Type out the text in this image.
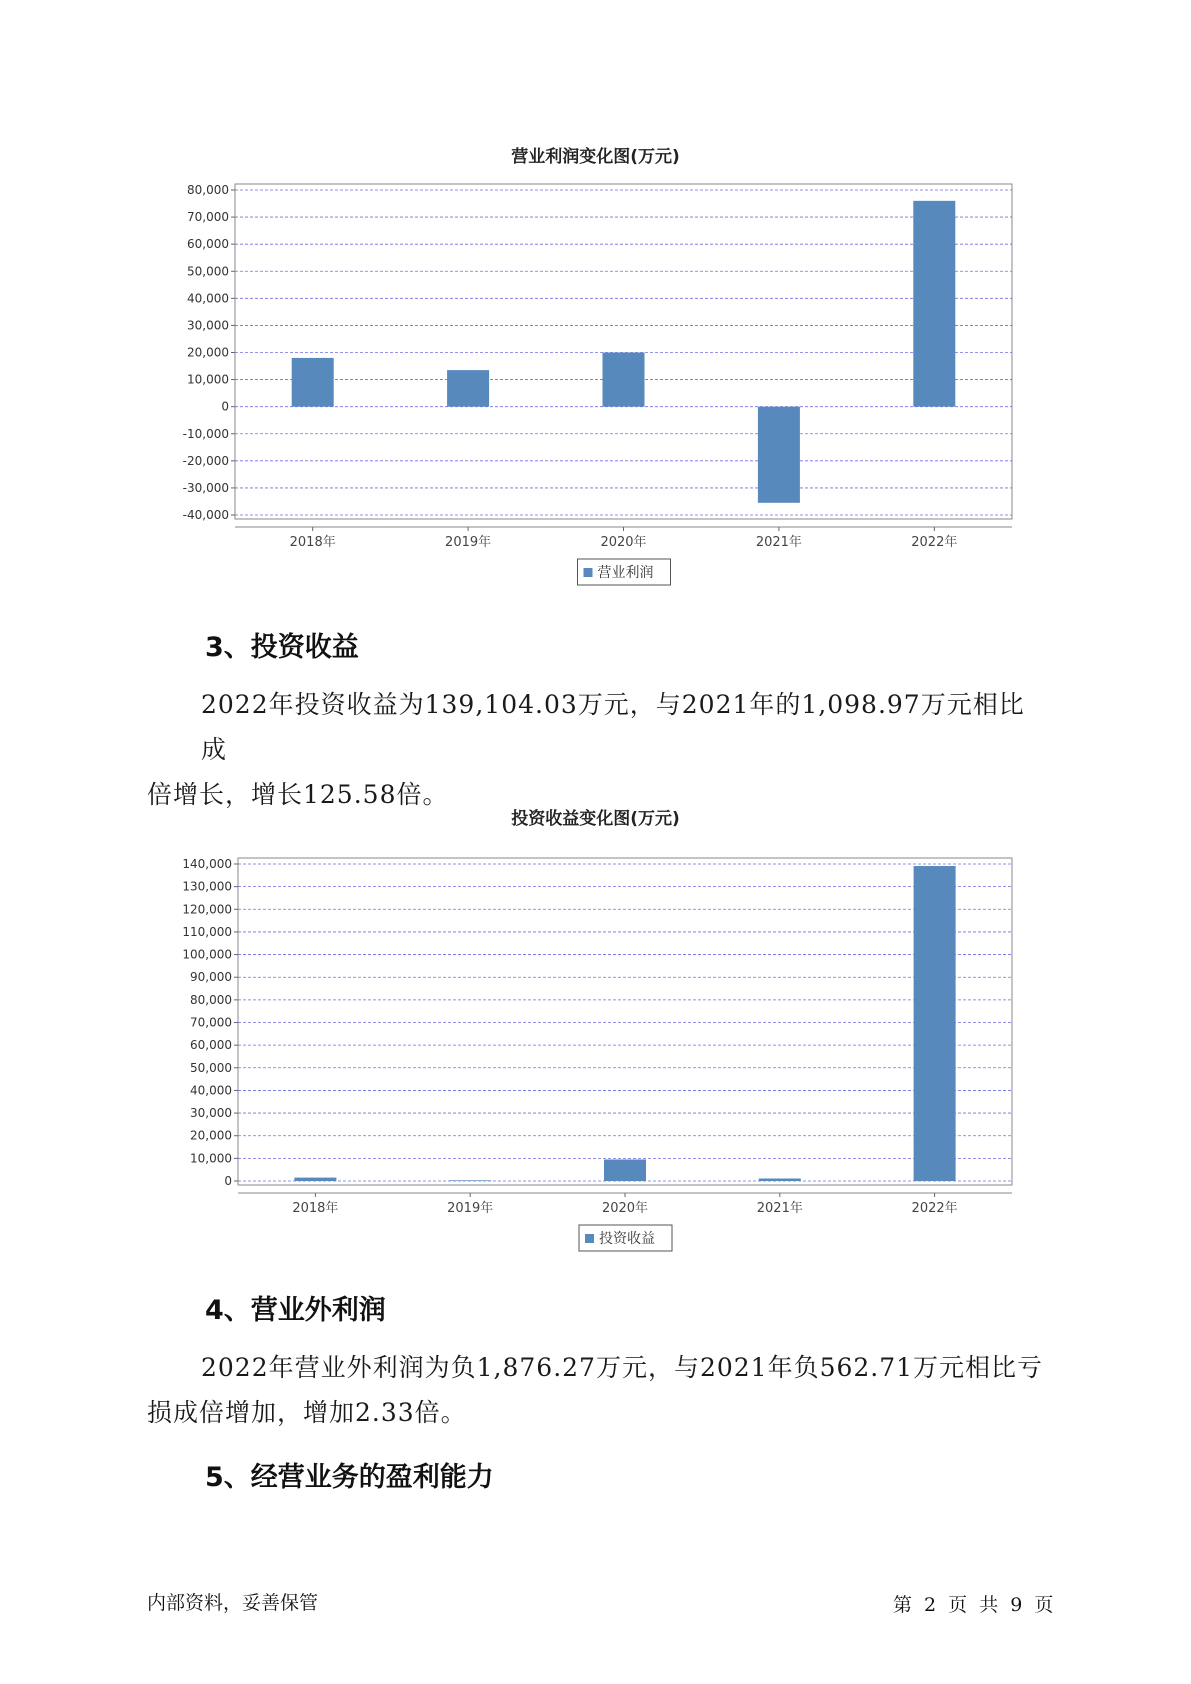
营业利润变化图(万元)
80,000
70,000
60,000
50,000
40,000
30,000
20,000
10,000
0
-10,000
-20,000
-30,000
-40,000
2018年	2019年	2020年	2021年	2022年
营业利润
3、投资收益
2022年投资收益为139,104.03万元，与2021年的1,098.97万元相比成
倍增长，增长125.58倍。
投资收益变化图(万元)
140,000
130,000
120,000
110,000
100,000
90,000
80,000
70,000
60,000
50,000
40,000
30,000
20,000
10,000
0
2018年	2019年	2020年	2021年	2022年
投资收益
4、营业外利润
2022年营业外利润为负1,876.27万元，与2021年负562.71万元相比亏
损成倍增加，增加2.33倍。
5、经营业务的盈利能力
内部资料，妥善保管	第 2 页 共 9 页
